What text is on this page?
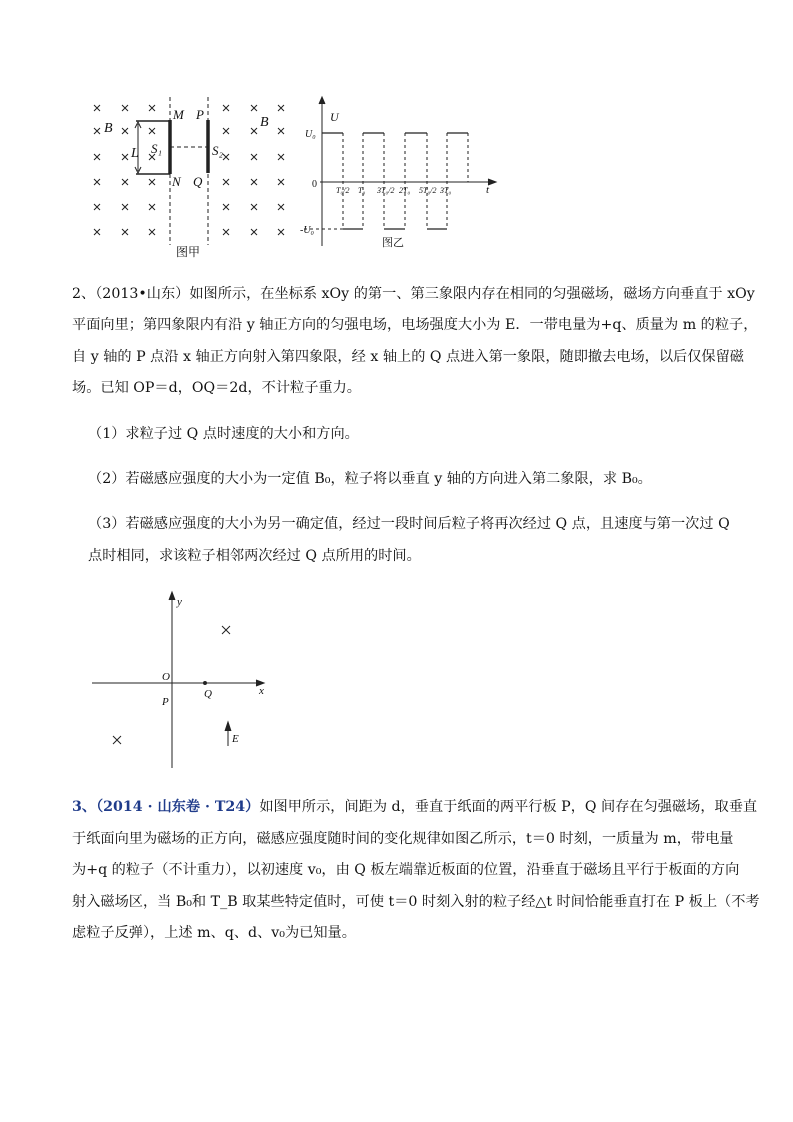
B	B
L
M P
S₁	S₂
N Q
图甲
U
U₀
0
-U₀
t
T₀/2 T₀ 3T₀/2 2T₀ 5T₀/2 3T₀
图乙
y
x
O
P
Q
E
2、（2013•山东）如图所示，在坐标系 xOy 的第一、第三象限内存在相同的匀强磁场，磁场方向垂直于 xOy
平面向里；第四象限内有沿 y 轴正方向的匀强电场，电场强度大小为 E．一带电量为+q、质量为 m 的粒子，
自 y 轴的 P 点沿 x 轴正方向射入第四象限，经 x 轴上的 Q 点进入第一象限，随即撤去电场，以后仅保留磁
场。已知 OP＝d，OQ＝2d，不计粒子重力。
（1）求粒子过 Q 点时速度的大小和方向。
（2）若磁感应强度的大小为一定值 B₀，粒子将以垂直 y 轴的方向进入第二象限，求 B₀。
（3）若磁感应强度的大小为另一确定值，经过一段时间后粒子将再次经过 Q 点，且速度与第一次过 Q
点时相同，求该粒子相邻两次经过 Q 点所用的时间。
3、（2014 · 山东卷 · T24） 如图甲所示，间距为 d，垂直于纸面的两平行板 P，Q 间存在匀强磁场，取垂直
于纸面向里为磁场的正方向，磁感应强度随时间的变化规律如图乙所示，t＝0 时刻，一质量为 m，带电量
为+q 的粒子（不计重力），以初速度 v₀，由 Q 板左端靠近板面的位置，沿垂直于磁场且平行于板面的方向
射入磁场区，当 B₀和 T_B 取某些特定值时，可使 t＝0 时刻入射的粒子经△t 时间恰能垂直打在 P 板上（不考
虑粒子反弹），上述 m、q、d、v₀为已知量。
